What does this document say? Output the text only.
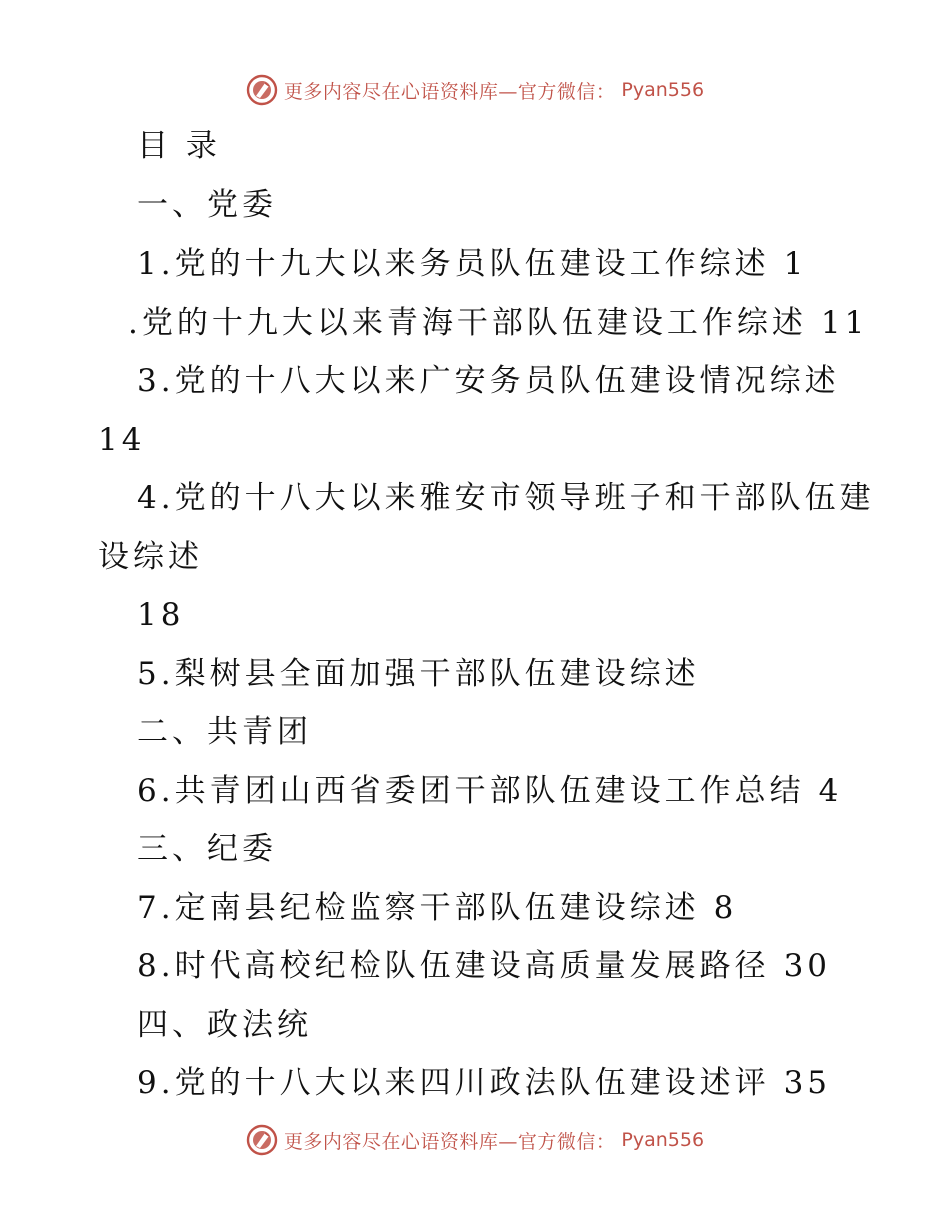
更多内容尽在心语资料库—官方微信： Pyan556
目 录
一、党委
1.党的十九大以来务员队伍建设工作综述 1
.党的十九大以来青海干部队伍建设工作综述 11
3.党的十八大以来广安务员队伍建设情况综述
14
4.党的十八大以来雅安市领导班子和干部队伍建
设综述
18
5.梨树县全面加强干部队伍建设综述
二、共青团
6.共青团山西省委团干部队伍建设工作总结 4
三、纪委
7.定南县纪检监察干部队伍建设综述 8
8.时代高校纪检队伍建设高质量发展路径 30
四、政法统
9.党的十八大以来四川政法队伍建设述评 35
更多内容尽在心语资料库—官方微信： Pyan556
